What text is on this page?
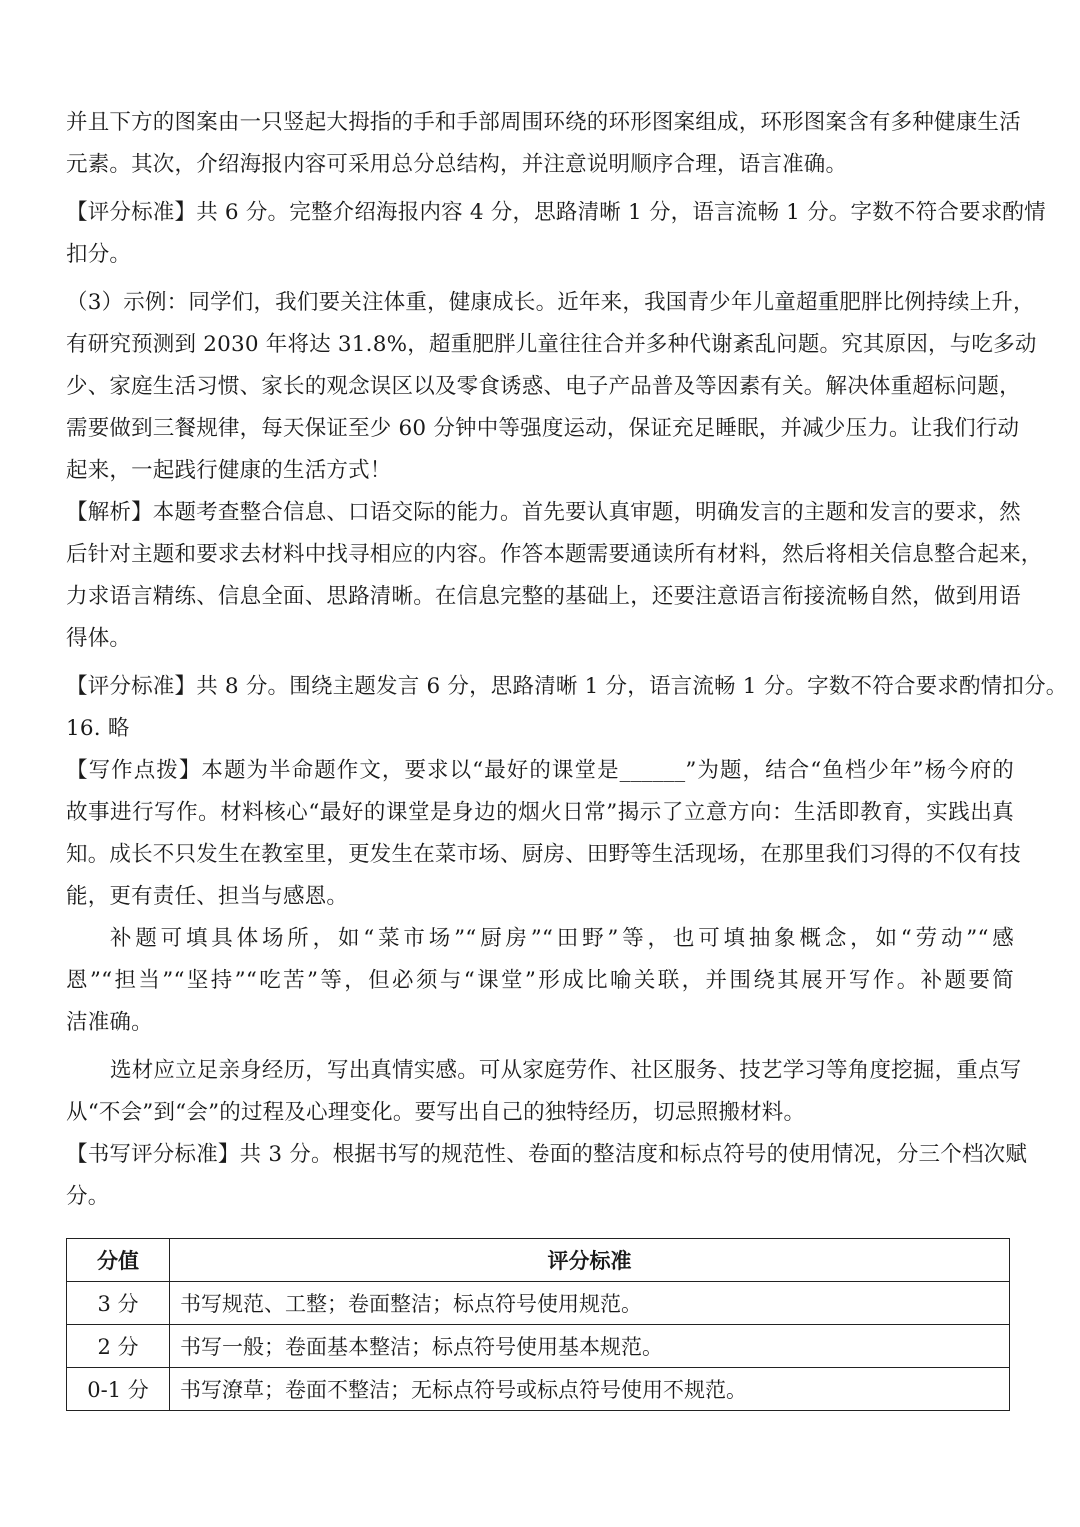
并且下方的图案由一只竖起大拇指的手和手部周围环绕的环形图案组成，环形图案含有多种健康生活
元素。其次，介绍海报内容可采用总分总结构，并注意说明顺序合理，语言准确。
【评分标准】共 6 分。完整介绍海报内容 4 分，思路清晰 1 分，语言流畅 1 分。字数不符合要求酌情
扣分。
（3）示例：同学们，我们要关注体重，健康成长。近年来，我国青少年儿童超重肥胖比例持续上升，
有研究预测到 2030 年将达 31.8%，超重肥胖儿童往往合并多种代谢紊乱问题。究其原因，与吃多动
少、家庭生活习惯、家长的观念误区以及零食诱惑、电子产品普及等因素有关。解决体重超标问题，
需要做到三餐规律，每天保证至少 60 分钟中等强度运动，保证充足睡眠，并减少压力。让我们行动
起来，一起践行健康的生活方式！
【解析】本题考查整合信息、口语交际的能力。首先要认真审题，明确发言的主题和发言的要求，然
后针对主题和要求去材料中找寻相应的内容。作答本题需要通读所有材料，然后将相关信息整合起来，
力求语言精练、信息全面、思路清晰。在信息完整的基础上，还要注意语言衔接流畅自然，做到用语
得体。
【评分标准】共 8 分。围绕主题发言 6 分，思路清晰 1 分，语言流畅 1 分。字数不符合要求酌情扣分。
16. 略
【写作点拨】本题为半命题作文，要求以“最好的课堂是______”为题，结合“鱼档少年”杨今府的
故事进行写作。材料核心“最好的课堂是身边的烟火日常”揭示了立意方向：生活即教育，实践出真
知。成长不只发生在教室里，更发生在菜市场、厨房、田野等生活现场，在那里我们习得的不仅有技
能，更有责任、担当与感恩。
补题可填具体场所，如“菜市场”“厨房”“田野”等，也可填抽象概念，如“劳动”“感
恩”“担当”“坚持”“吃苦”等，但必须与“课堂”形成比喻关联，并围绕其展开写作。补题要简
洁准确。
选材应立足亲身经历，写出真情实感。可从家庭劳作、社区服务、技艺学习等角度挖掘，重点写
从“不会”到“会”的过程及心理变化。要写出自己的独特经历，切忌照搬材料。
【书写评分标准】共 3 分。根据书写的规范性、卷面的整洁度和标点符号的使用情况，分三个档次赋
分。
分值	评分标准
3 分	书写规范、工整；卷面整洁；标点符号使用规范。
2 分	书写一般；卷面基本整洁；标点符号使用基本规范。
0-1 分	书写潦草；卷面不整洁；无标点符号或标点符号使用不规范。
